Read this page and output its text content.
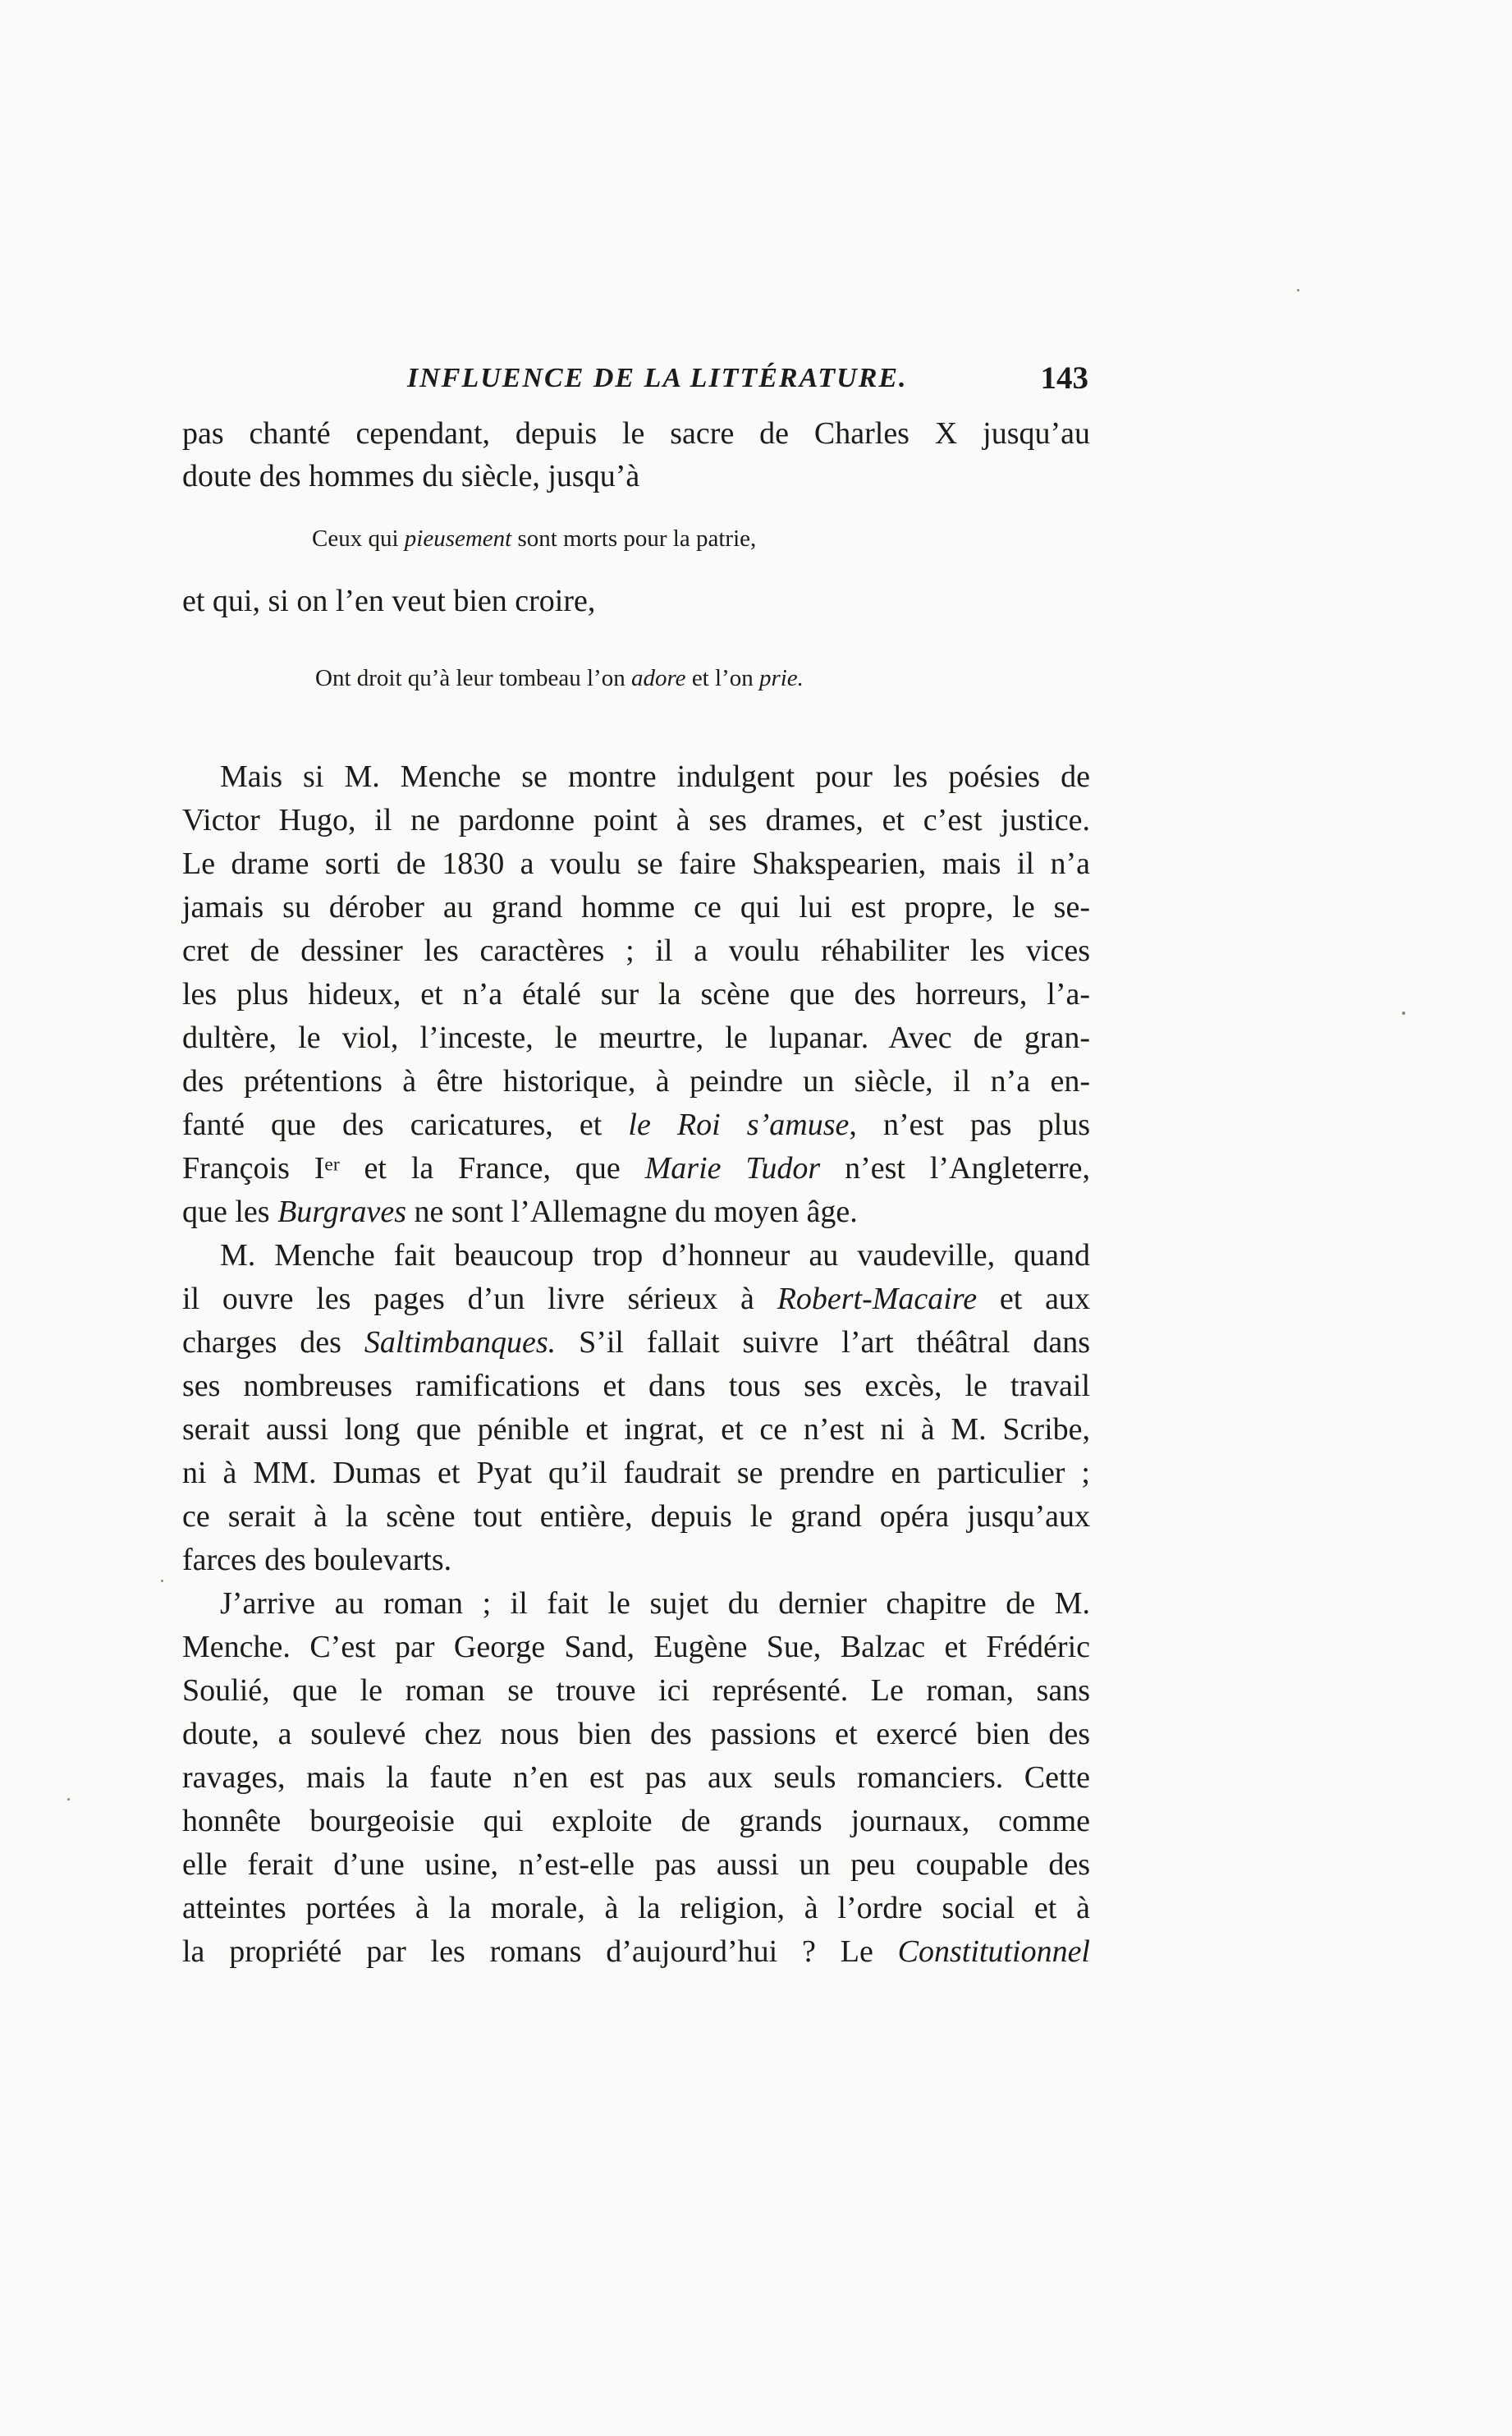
INFLUENCE DE LA LITTÉRATURE.	143
pas chanté cependant, depuis le sacre de Charles X jusqu’au
doute des hommes du siècle, jusqu’à
Ceux qui pieusement sont morts pour la patrie,
et qui, si on l’en veut bien croire,
Ont droit qu’à leur tombeau l’on adore et l’on prie.
Mais si M. Menche se montre indulgent pour les poésies de
Victor Hugo, il ne pardonne point à ses drames, et c’est justice.
Le drame sorti de 1830 a voulu se faire Shakspearien, mais il n’a
jamais su dérober au grand homme ce qui lui est propre, le se-
cret de dessiner les caractères ; il a voulu réhabiliter les vices
les plus hideux, et n’a étalé sur la scène que des horreurs, l’a-
dultère, le viol, l’inceste, le meurtre, le lupanar. Avec de gran-
des prétentions à être historique, à peindre un siècle, il n’a en-
fanté que des caricatures, et le Roi s’amuse, n’est pas plus
François Ier et la France, que Marie Tudor n’est l’Angleterre,
que les Burgraves ne sont l’Allemagne du moyen âge.
M. Menche fait beaucoup trop d’honneur au vaudeville, quand
il ouvre les pages d’un livre sérieux à Robert-Macaire et aux
charges des Saltimbanques. S’il fallait suivre l’art théâtral dans
ses nombreuses ramifications et dans tous ses excès, le travail
serait aussi long que pénible et ingrat, et ce n’est ni à M. Scribe,
ni à MM. Dumas et Pyat qu’il faudrait se prendre en particulier ;
ce serait à la scène tout entière, depuis le grand opéra jusqu’aux
farces des boulevarts.
J’arrive au roman ; il fait le sujet du dernier chapitre de M.
Menche. C’est par George Sand, Eugène Sue, Balzac et Frédéric
Soulié, que le roman se trouve ici représenté. Le roman, sans
doute, a soulevé chez nous bien des passions et exercé bien des
ravages, mais la faute n’en est pas aux seuls romanciers. Cette
honnête bourgeoisie qui exploite de grands journaux, comme
elle ferait d’une usine, n’est-elle pas aussi un peu coupable des
atteintes portées à la morale, à la religion, à l’ordre social et à
la propriété par les romans d’aujourd’hui ? Le Constitutionnel
